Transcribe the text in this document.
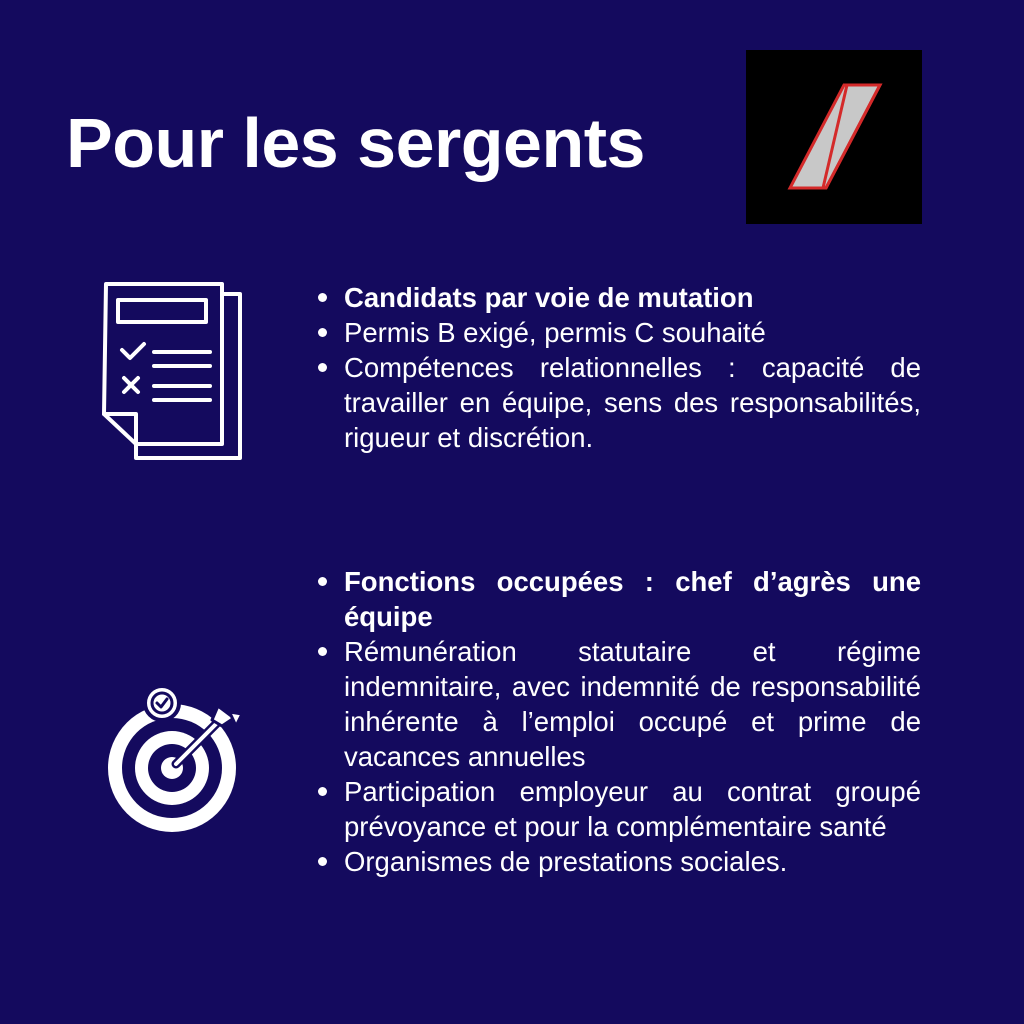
Pour les sergents
Candidats par voie de mutation
Permis B exigé, permis C souhaité
Compétences relationnelles : capacité de travailler en équipe, sens des responsabilités, rigueur et discrétion.
Fonctions occupées : chef d’agrès une équipe
Rémunération statutaire et régime indemnitaire, avec indemnité de responsabilité inhérente à l’emploi occupé et prime de vacances annuelles
Participation employeur au contrat groupé prévoyance et pour la complémentaire santé
Organismes de prestations sociales.
